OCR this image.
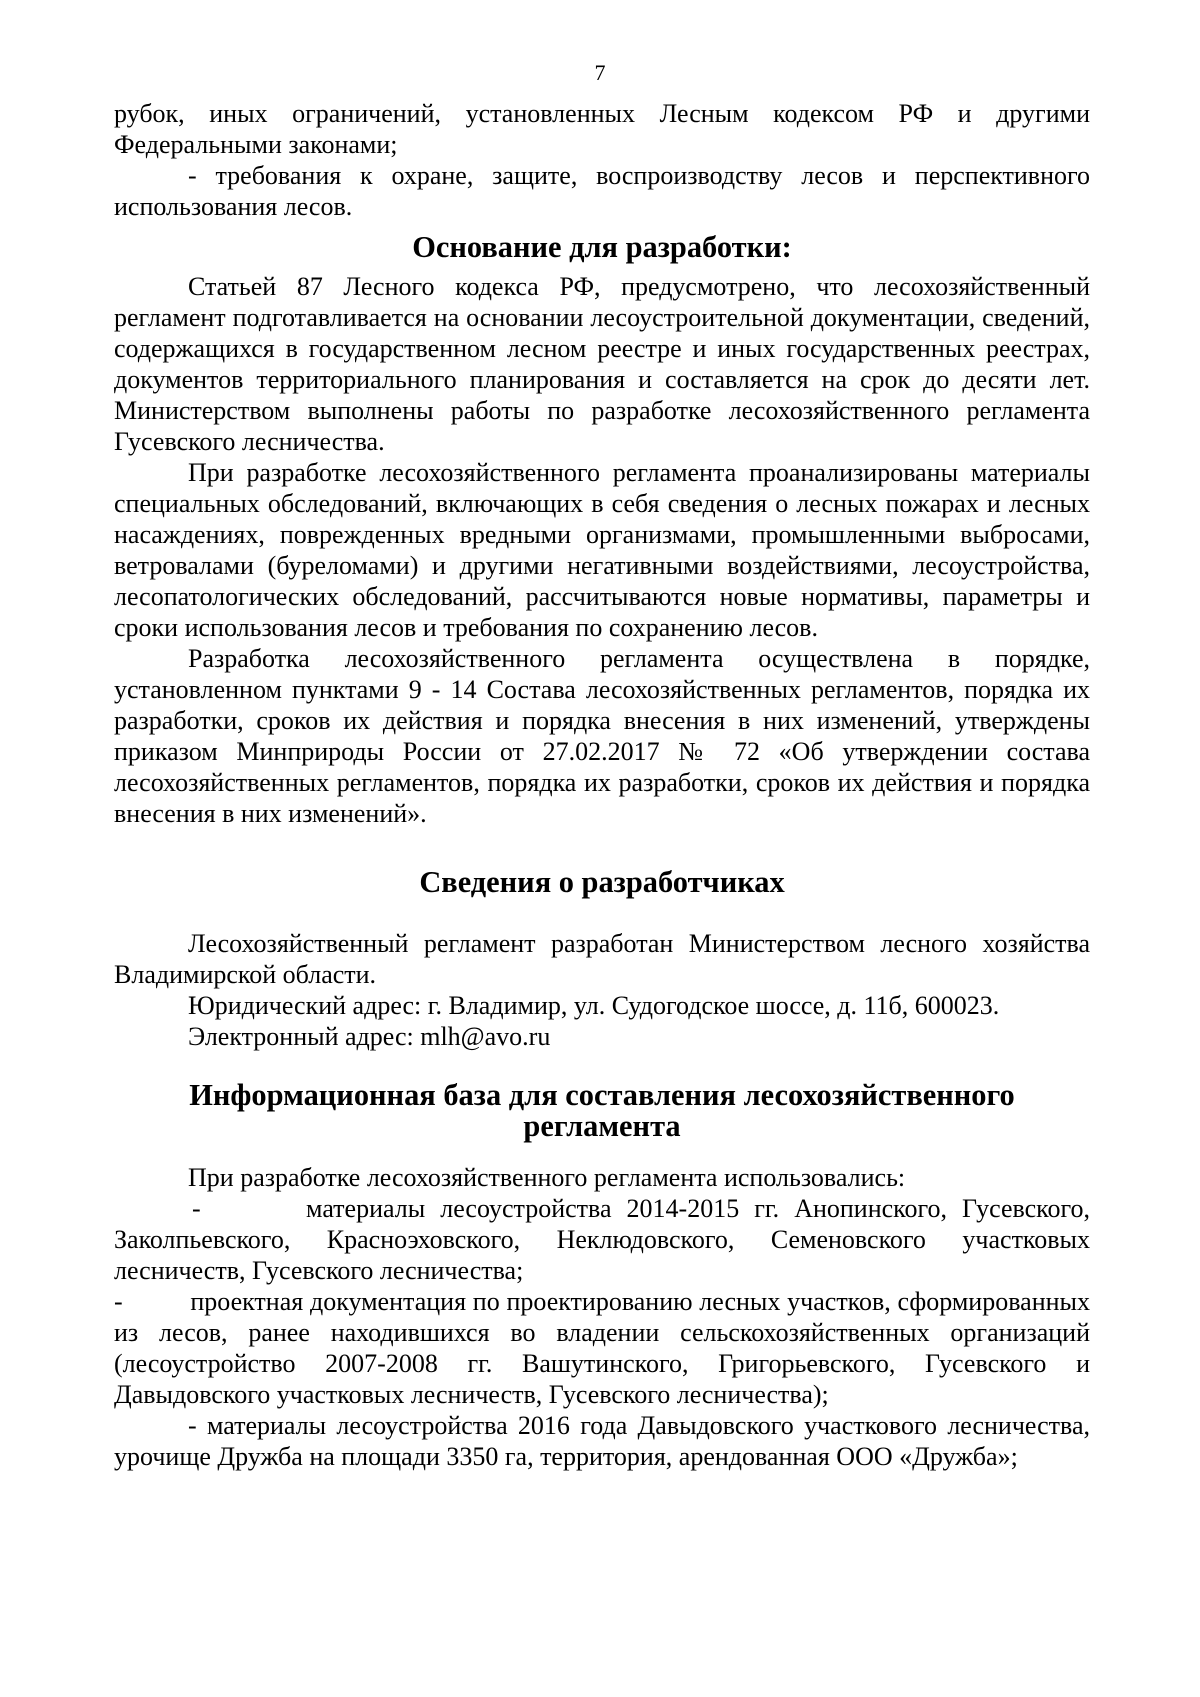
7

рубок, иных ограничений, установленных Лесным кодексом РФ и другими Федеральными законами;

- требования к охране, защите, воспроизводству лесов и перспективного использования лесов.

Основание для разработки:

Статьей 87 Лесного кодекса РФ, предусмотрено, что лесохозяйственный регламент подготавливается на основании лесоустроительной документации, сведений, содержащихся в государственном лесном реестре и иных государственных реестрах, документов территориального планирования и составляется на срок до десяти лет. Министерством выполнены работы по разработке лесохозяйственного регламента Гусевского лесничества.

При разработке лесохозяйственного регламента проанализированы материалы специальных обследований, включающих в себя сведения о лесных пожарах и лесных насаждениях, поврежденных вредными организмами, промышленными выбросами, ветровалами (буреломами) и другими негативными воздействиями, лесоустройства, лесопатологических обследований, рассчитываются новые нормативы, параметры и сроки использования лесов и требования по сохранению лесов.

Разработка лесохозяйственного регламента осуществлена в порядке, установленном пунктами 9 - 14 Состава лесохозяйственных регламентов, порядка их разработки, сроков их действия и порядка внесения в них изменений, утверждены приказом Минприроды России от 27.02.2017 № 72 «Об утверждении состава лесохозяйственных регламентов, порядка их разработки, сроков их действия и порядка внесения в них изменений».

Сведения о разработчиках

Лесохозяйственный регламент разработан Министерством лесного хозяйства Владимирской области.

Юридический адрес: г. Владимир, ул. Судогодское шоссе, д. 11б, 600023.

Электронный адрес: mlh@avo.ru

Информационная база для составления лесохозяйственного регламента

При разработке лесохозяйственного регламента использовались:

-       материалы лесоустройства 2014-2015 гг. Анопинского, Гусевского, Заколпьевского, Красноэховского, Неклюдовского, Семеновского участковых лесничеств, Гусевского лесничества;

-          проектная документация по проектированию лесных участков, сформированных из лесов, ранее находившихся во владении сельскохозяйственных организаций (лесоустройство 2007-2008 гг. Вашутинского, Григорьевского, Гусевского и Давыдовского участковых лесничеств, Гусевского лесничества);

- материалы лесоустройства 2016 года Давыдовского участкового лесничества, урочище Дружба на площади 3350 га, территория, арендованная ООО «Дружба»;
